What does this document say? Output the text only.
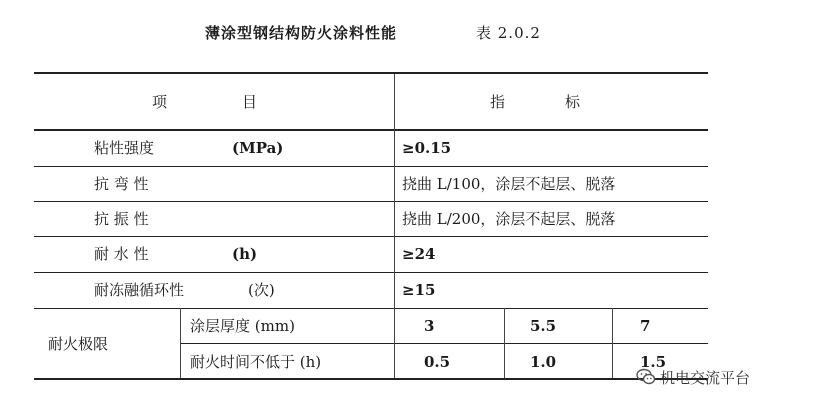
薄涂型钢结构防火涂料性能	表 2.0.2
项　　　　　目	指　　　　标
粘性强度	(MPa)	≥0.15
抗 弯 性	挠曲 L/100，涂层不起层、脱落
抗 振 性	挠曲 L/200，涂层不起层、脱落
耐 水 性	(h)	≥24
耐冻融循环性	(次)	≥15
耐火极限
涂层厚度 (mm)	3	5.5	7
耐火时间不低于 (h)	0.5	1.0	1.5
机电交流平台
